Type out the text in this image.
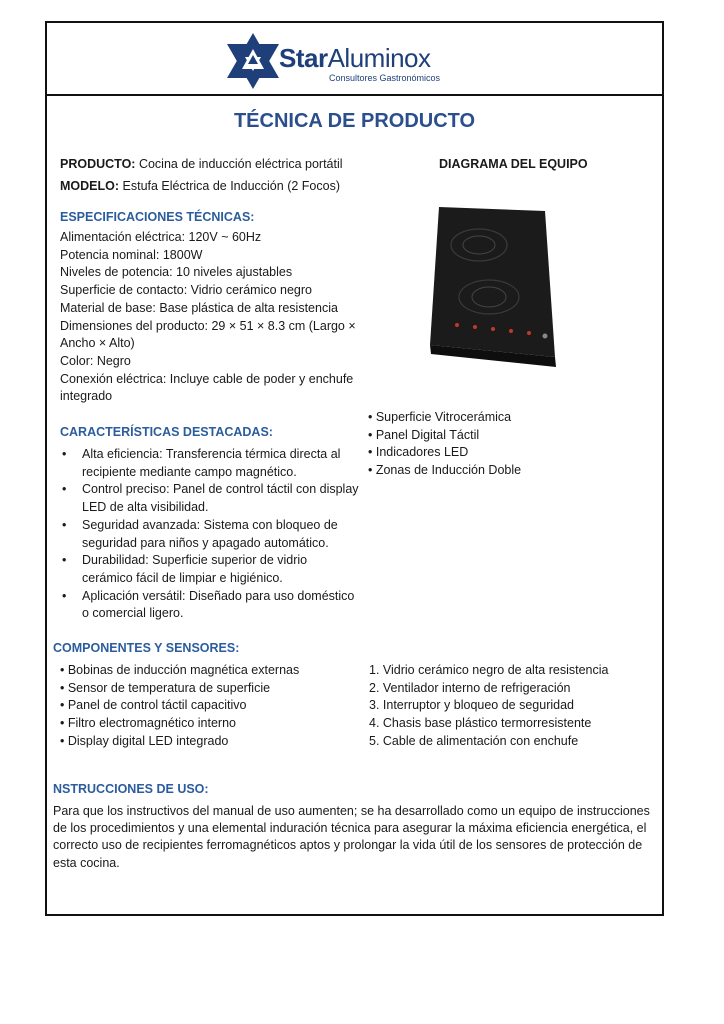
StarAluminox
Consultores Gastronómicos
TÉCNICA DE PRODUCTO
PRODUCTO: Cocina de inducción eléctrica portátil
MODELO: Estufa Eléctrica de Inducción (2 Focos)
DIAGRAMA DEL EQUIPO
ESPECIFICACIONES TÉCNICAS:
Alimentación eléctrica: 120V ~ 60Hz
Potencia nominal: 1800W
Niveles de potencia: 10 niveles ajustables
Superficie de contacto: Vidrio cerámico negro
Material de base: Base plástica de alta resistencia
Dimensiones del producto: 29 × 51 × 8.3 cm (Largo × Ancho × Alto)
Color: Negro
Conexión eléctrica: Incluye cable de poder y enchufe integrado
• Superficie Vitrocerámica
• Panel Digital Táctil
• Indicadores LED
• Zonas de Inducción Doble
CARACTERÍSTICAS DESTACADAS:
• Alta eficiencia: Transferencia térmica directa al recipiente mediante campo magnético.
• Control preciso: Panel de control táctil con display LED de alta visibilidad.
• Seguridad avanzada: Sistema con bloqueo de seguridad para niños y apagado automático.
• Durabilidad: Superficie superior de vidrio cerámico fácil de limpiar e higiénico.
• Aplicación versátil: Diseñado para uso doméstico o comercial ligero.
COMPONENTES Y SENSORES:
• Bobinas de inducción magnética externas
• Sensor de temperatura de superficie
• Panel de control táctil capacitivo
• Filtro electromagnético interno
• Display digital LED integrado
1. Vidrio cerámico negro de alta resistencia
2. Ventilador interno de refrigeración
3. Interruptor y bloqueo de seguridad
4. Chasis base plástico termorresistente
5. Cable de alimentación con enchufe
NSTRUCCIONES DE USO:
Para que los instructivos del manual de uso aumenten; se ha desarrollado como un equipo de instrucciones de los procedimientos y una elemental induración técnica para asegurar la máxima eficiencia energética, el correcto uso de recipientes ferromagnéticos aptos y prolongar la vida útil de los sensores de protección de esta cocina.
